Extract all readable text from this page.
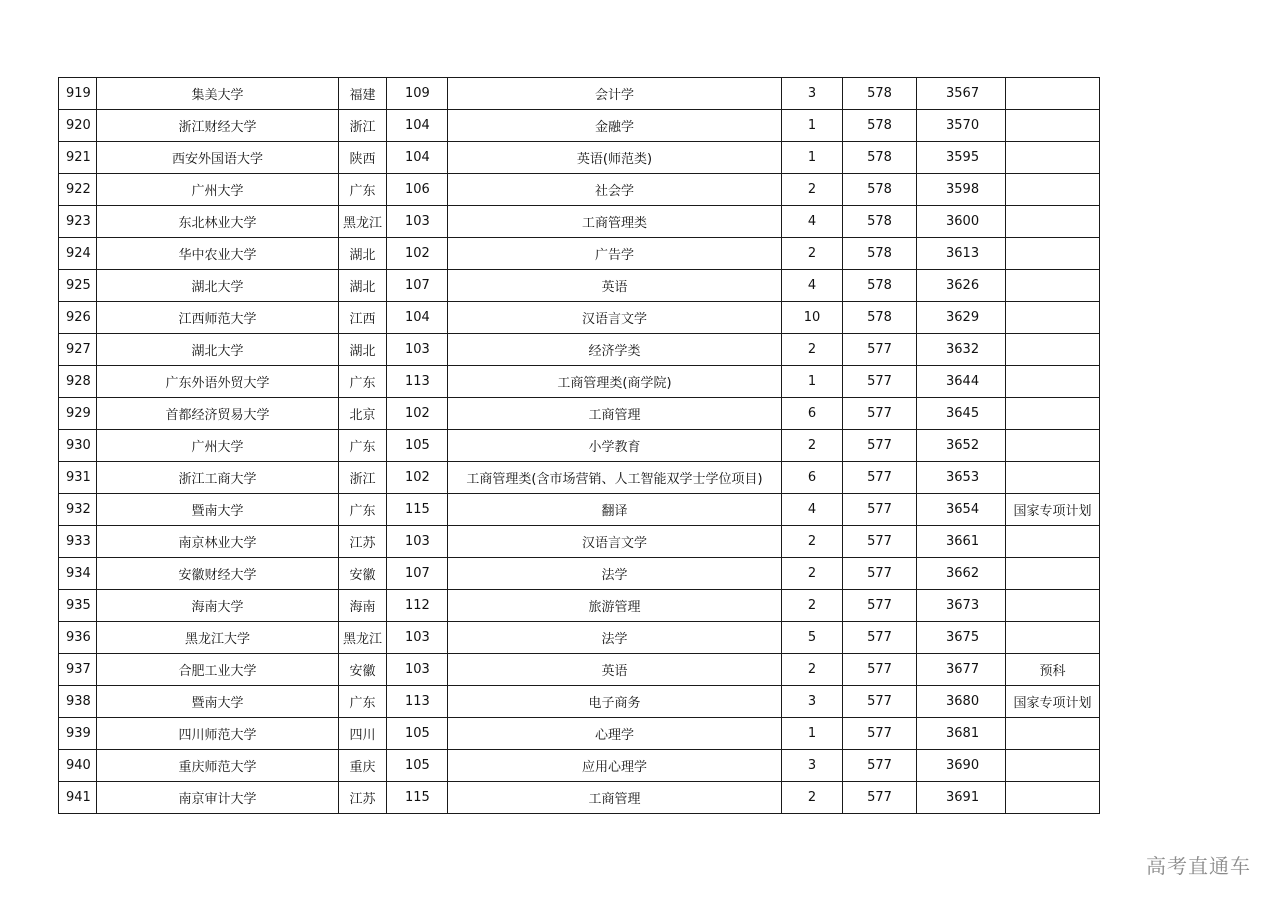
919	集美大学	福建	109	会计学	3	578	3567	
920	浙江财经大学	浙江	104	金融学	1	578	3570	
921	西安外国语大学	陕西	104	英语(师范类)	1	578	3595	
922	广州大学	广东	106	社会学	2	578	3598	
923	东北林业大学	黑龙江	103	工商管理类	4	578	3600	
924	华中农业大学	湖北	102	广告学	2	578	3613	
925	湖北大学	湖北	107	英语	4	578	3626	
926	江西师范大学	江西	104	汉语言文学	10	578	3629	
927	湖北大学	湖北	103	经济学类	2	577	3632	
928	广东外语外贸大学	广东	113	工商管理类(商学院)	1	577	3644	
929	首都经济贸易大学	北京	102	工商管理	6	577	3645	
930	广州大学	广东	105	小学教育	2	577	3652	
931	浙江工商大学	浙江	102	工商管理类(含市场营销、人工智能双学士学位项目)	6	577	3653	
932	暨南大学	广东	115	翻译	4	577	3654	国家专项计划
933	南京林业大学	江苏	103	汉语言文学	2	577	3661	
934	安徽财经大学	安徽	107	法学	2	577	3662	
935	海南大学	海南	112	旅游管理	2	577	3673	
936	黑龙江大学	黑龙江	103	法学	5	577	3675	
937	合肥工业大学	安徽	103	英语	2	577	3677	预科
938	暨南大学	广东	113	电子商务	3	577	3680	国家专项计划
939	四川师范大学	四川	105	心理学	1	577	3681	
940	重庆师范大学	重庆	105	应用心理学	3	577	3690	
941	南京审计大学	江苏	115	工商管理	2	577	3691	
高考直通车
